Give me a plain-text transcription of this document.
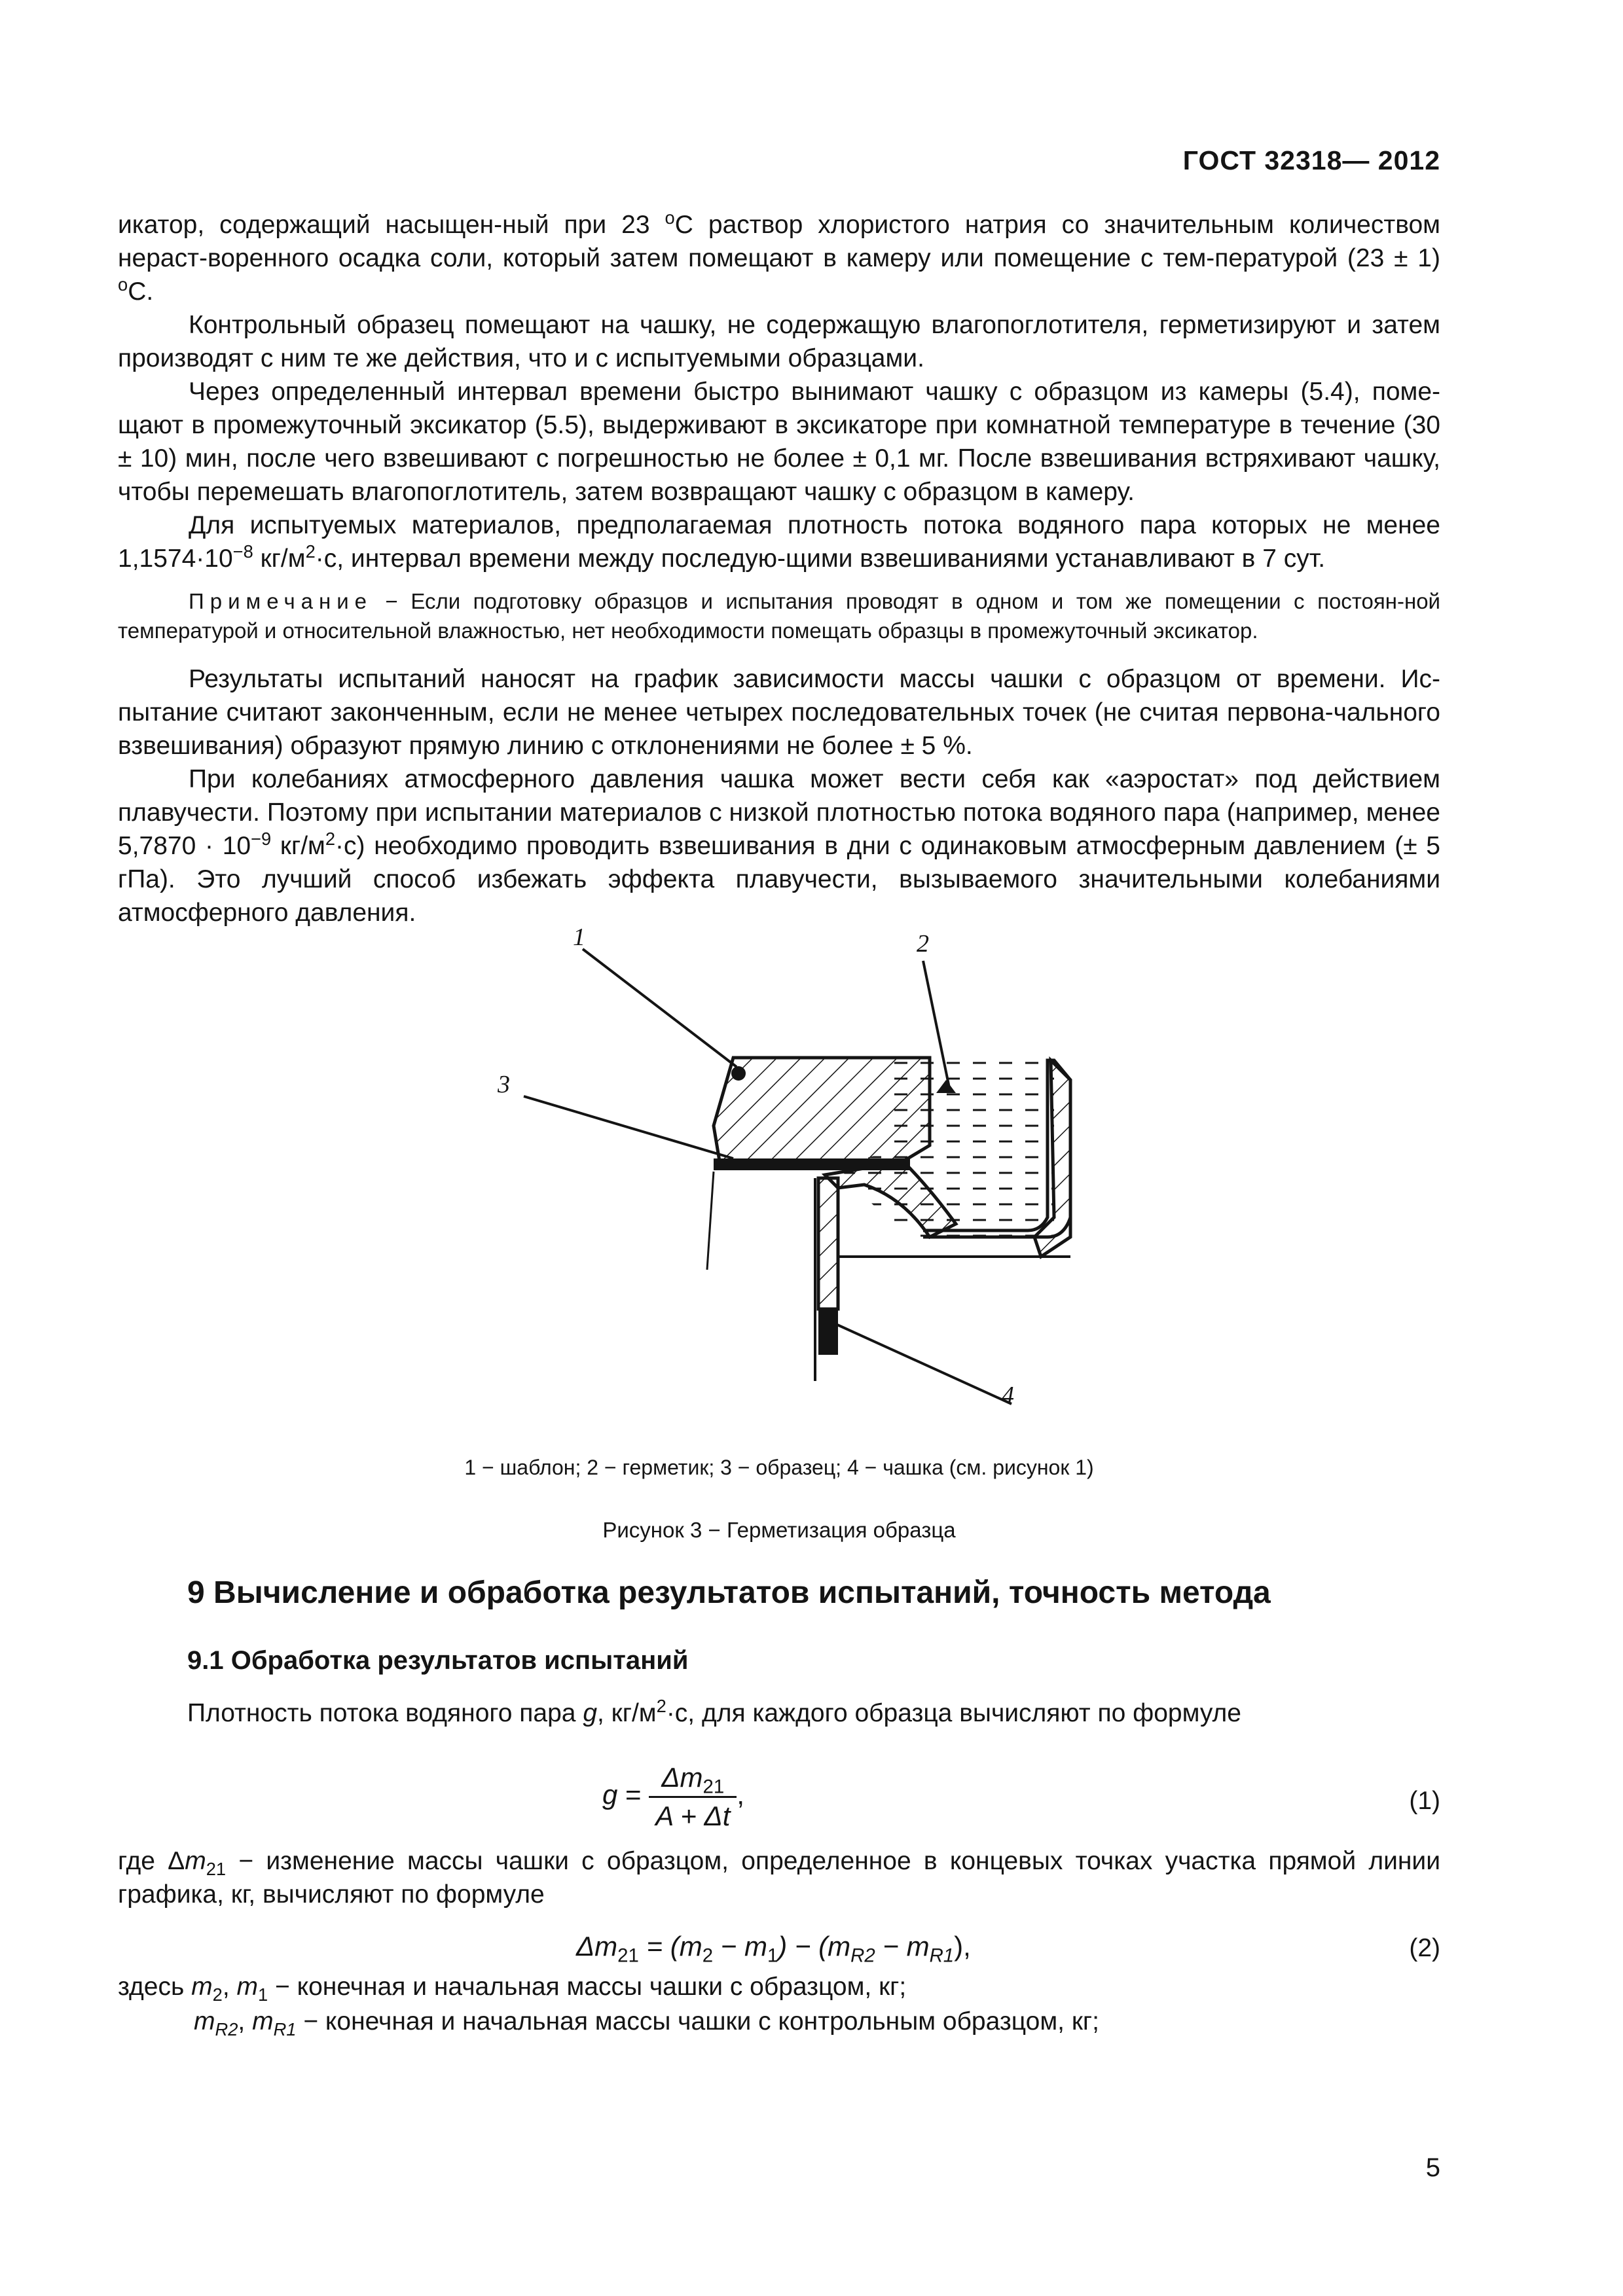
ГОСТ 32318— 2012

икатор, содержащий насыщен-ный при 23 $^o$C раствор хлористого натрия со значительным количеством нераст-воренного осадка соли, который затем помещают в камеру или помещение с тем-пературой (23 ± 1) $^o$C.

Контрольный образец помещают на чашку, не содержащую влагопоглотителя, герметизируют и затем производят с ним те же действия, что и с испытуемыми образцами.

Через определенный интервал времени быстро вынимают чашку с образцом из камеры (5.4), поме-щают в промежуточный эксикатор (5.5), выдерживают в эксикаторе при комнатной температуре в течение (30 ± 10) мин, после чего взвешивают с погрешностью не более ± 0,1 мг. После взвешивания встряхивают чашку, чтобы перемешать влагопоглотитель, затем возвращают чашку с образцом в камеру.

Для испытуемых материалов, предполагаемая плотность потока водяного пара которых не менее $1,1574\cdot 10^{-8}$ $кг/м^2\cdot с$, интервал времени между последую-щими взвешиваниями устанавливают в 7 сут.

Примечание − Если подготовку образцов и испытания проводят в одном и том же помещении с постоян-ной температурой и относительной влажностью, нет необходимости помещать образцы в промежуточный эксикатор.

Результаты испытаний наносят на график зависимости массы чашки с образцом от времени. Ис-пытание считают законченным, если не менее четырех последовательных точек (не считая первона-чального взвешивания) образуют прямую линию с отклонениями не более ± 5 %.

При колебаниях атмосферного давления чашка может вести себя как «аэростат» под действием плавучести. Поэтому при испытании материалов с низкой плотностью потока водяного пара (например, менее $5,7870 \cdot 10^{-9}$ $кг/м^2\cdot с$) необходимо проводить взвешивания в дни с одинаковым атмосферным давлением (± 5 гПа). Это лучший способ избежать эффекта плавучести, вызываемого значительными колебаниями атмосферного давления.

1	2
3
4
1 − шаблон; 2 − герметик; 3 − образец; 4 − чашка (см. рисунок 1)
Рисунок 3 − Герметизация образца
9 Вычисление и обработка результатов испытаний, точность метода
9.1 Обработка результатов испытаний
Плотность потока водяного пара g, $кг/м^2\cdot с$, для каждого образца вычисляют по формуле
$g = \frac{\Delta m_{21}}{A + \Delta t}$ ,	(1)
где $\Delta m_{21}$ − изменение массы чашки с образцом, определенное в концевых точках участка прямой линии графика, кг, вычисляют по формуле
$\Delta m_{21} = (m_2 - m_1) - (m_{R2} - m_{R1})$,	(2)
здесь $m_2$, $m_1$ − конечная и начальная массы чашки с образцом, кг;
$m_{R2}$, $m_{R1}$ − конечная и начальная массы чашки с контрольным образцом, кг;
5
